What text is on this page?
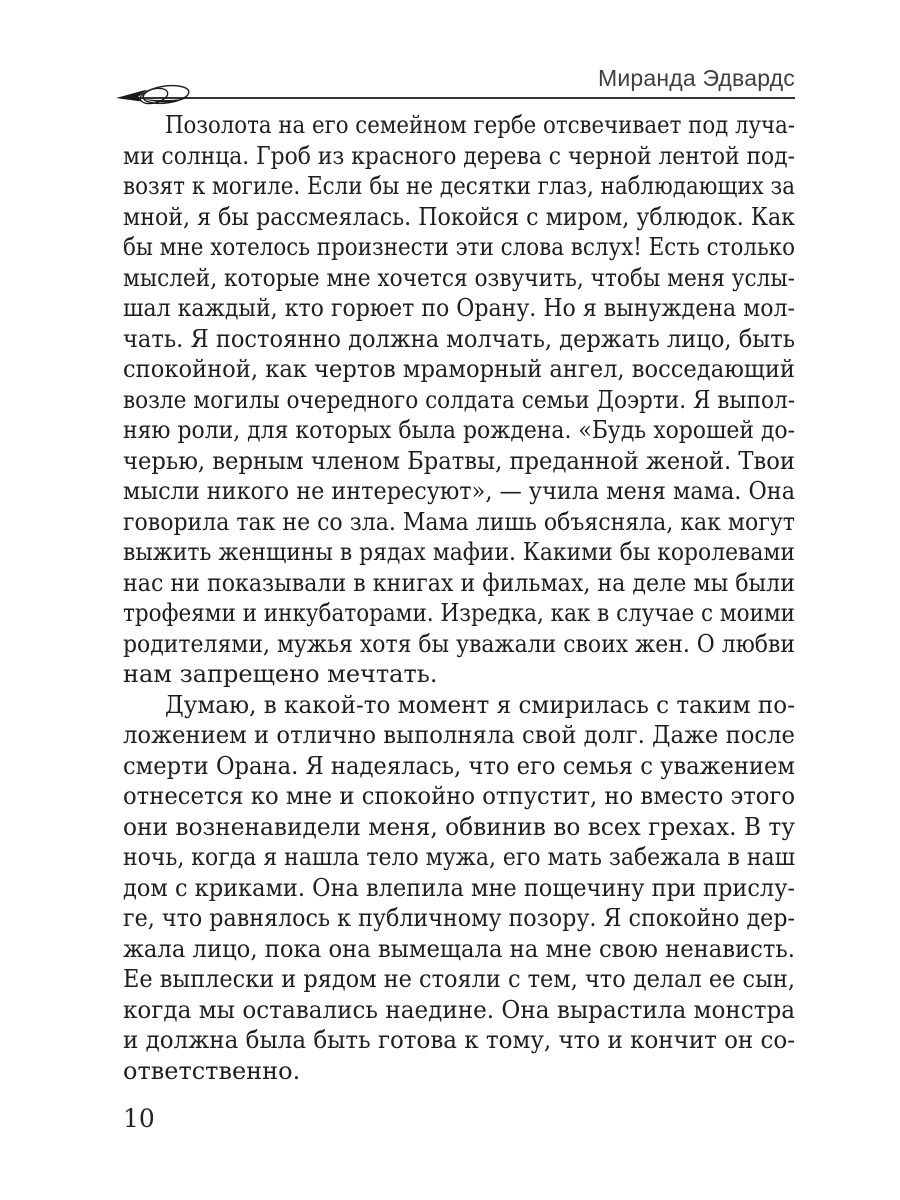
Миранда Эдвардс
Позолота на его семейном гербе отсвечивает под луча-
ми солнца. Гроб из красного дерева с черной лентой под-
возят к могиле. Если бы не десятки глаз, наблюдающих за
мной, я бы рассмеялась. Покойся с миром, ублюдок. Как
бы мне хотелось произнести эти слова вслух! Есть столько
мыслей, которые мне хочется озвучить, чтобы меня услы-
шал каждый, кто горюет по Орану. Но я вынуждена мол-
чать. Я постоянно должна молчать, держать лицо, быть
спокойной, как чертов мраморный ангел, восседающий
возле могилы очередного солдата семьи Доэрти. Я выпол-
няю роли, для которых была рождена. «Будь хорошей до-
черью, верным членом Братвы, преданной женой. Твои
мысли никого не интересуют», — учила меня мама. Она
говорила так не со зла. Мама лишь объясняла, как могут
выжить женщины в рядах мафии. Какими бы королевами
нас ни показывали в книгах и фильмах, на деле мы были
трофеями и инкубаторами. Изредка, как в случае с моими
родителями, мужья хотя бы уважали своих жен. О любви
нам запрещено мечтать.
Думаю, в какой-то момент я смирилась с таким по-
ложением и отлично выполняла свой долг. Даже после
смерти Орана. Я надеялась, что его семья с уважением
отнесется ко мне и спокойно отпустит, но вместо этого
они возненавидели меня, обвинив во всех грехах. В ту
ночь, когда я нашла тело мужа, его мать забежала в наш
дом с криками. Она влепила мне пощечину при прислу-
ге, что равнялось к публичному позору. Я спокойно дер-
жала лицо, пока она вымещала на мне свою ненависть.
Ее выплески и рядом не стояли с тем, что делал ее сын,
когда мы оставались наедине. Она вырастила монстра
и должна была быть готова к тому, что и кончит он со-
ответственно.
10
